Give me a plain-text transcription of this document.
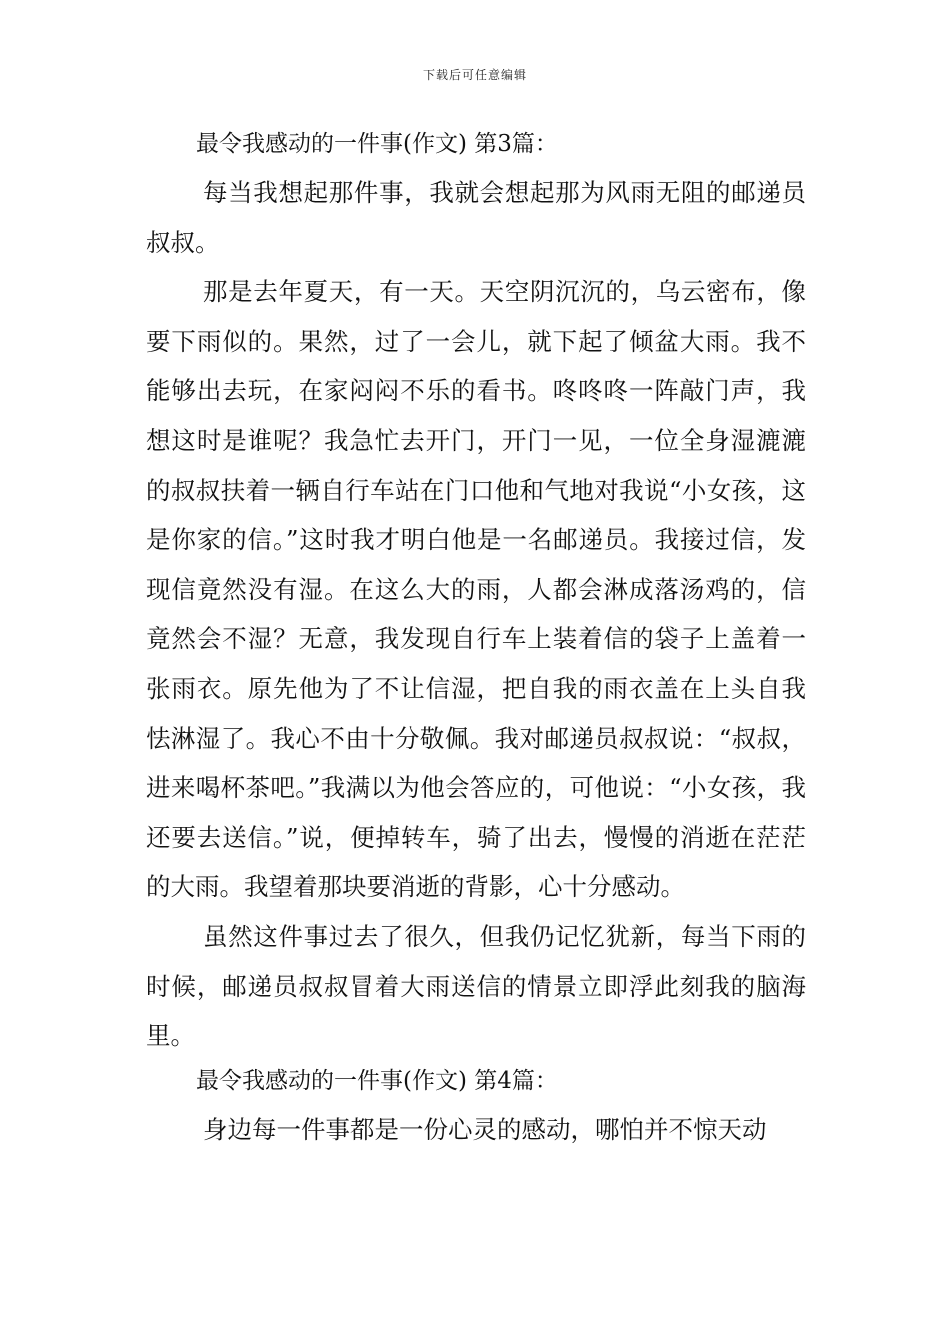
下载后可任意编辑

最令我感动的一件事(作文) 第3篇：

每当我想起那件事，我就会想起那为风雨无阻的邮递员叔叔。

那是去年夏天，有一天。天空阴沉沉的，乌云密布，像要下雨似的。果然，过了一会儿，就下起了倾盆大雨。我不能够出去玩，在家闷闷不乐的看书。咚咚咚一阵敲门声，我想这时是谁呢？我急忙去开门，开门一见，一位全身湿漉漉的叔叔扶着一辆自行车站在门口他和气地对我说“小女孩，这是你家的信。”这时我才明白他是一名邮递员。我接过信，发现信竟然没有湿。在这么大的雨，人都会淋成落汤鸡的，信竟然会不湿？无意，我发现自行车上装着信的袋子上盖着一张雨衣。原先他为了不让信湿，把自我的雨衣盖在上头自我怯淋湿了。我心不由十分敬佩。我对邮递员叔叔说：“叔叔，进来喝杯茶吧。”我满以为他会答应的，可他说：“小女孩，我还要去送信。”说，便掉转车，骑了出去，慢慢的消逝在茫茫的大雨。我望着那块要消逝的背影，心十分感动。

虽然这件事过去了很久，但我仍记忆犹新，每当下雨的时候，邮递员叔叔冒着大雨送信的情景立即浮此刻我的脑海里。

最令我感动的一件事(作文) 第4篇：

身边每一件事都是一份心灵的感动，哪怕并不惊天动
